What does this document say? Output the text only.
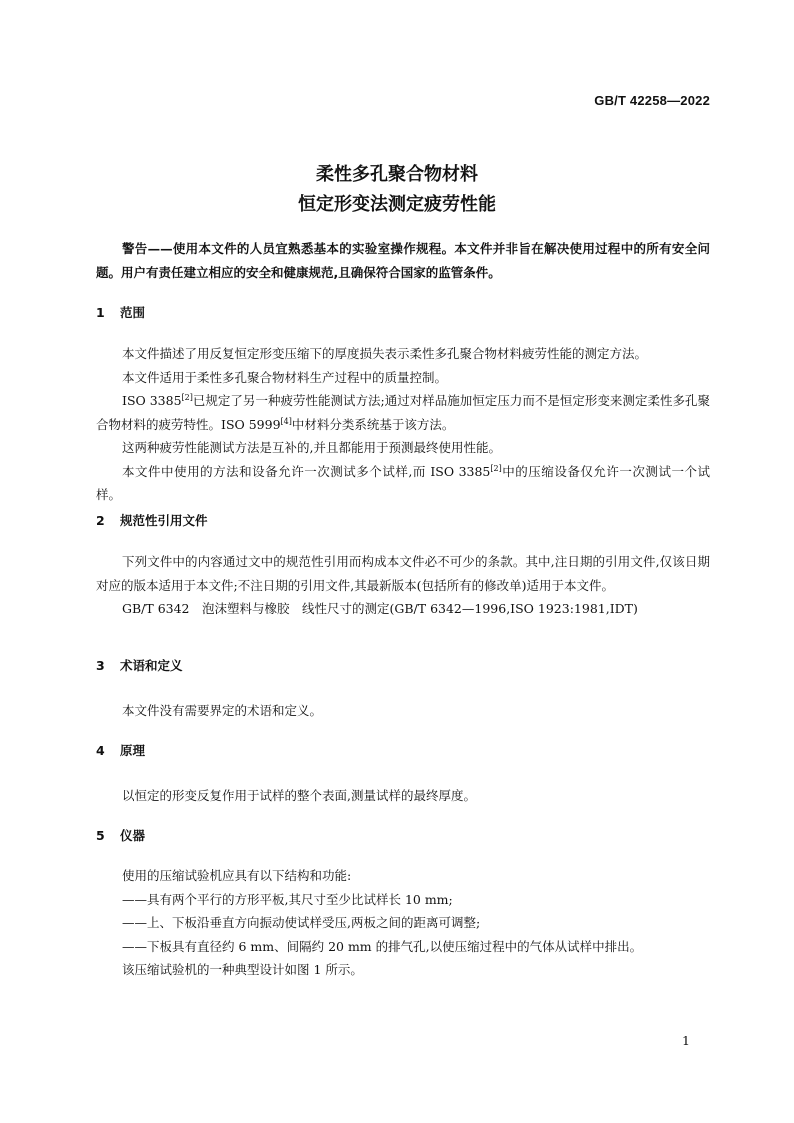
GB/T 42258—2022
柔性多孔聚合物材料
恒定形变法测定疲劳性能
警告——使用本文件的人员宜熟悉基本的实验室操作规程。本文件并非旨在解决使用过程中的所有安全问题。用户有责任建立相应的安全和健康规范,且确保符合国家的监管条件。
1 范围

本文件描述了用反复恒定形变压缩下的厚度损失表示柔性多孔聚合物材料疲劳性能的测定方法。

本文件适用于柔性多孔聚合物材料生产过程中的质量控制。

ISO 3385[2]已规定了另一种疲劳性能测试方法;通过对样品施加恒定压力而不是恒定形变来测定柔性多孔聚合物材料的疲劳特性。ISO 5999[4]中材料分类系统基于该方法。

这两种疲劳性能测试方法是互补的,并且都能用于预测最终使用性能。

本文件中使用的方法和设备允许一次测试多个试样,而 ISO 3385[2]中的压缩设备仅允许一次测试一个试样。

2 规范性引用文件

下列文件中的内容通过文中的规范性引用而构成本文件必不可少的条款。其中,注日期的引用文件,仅该日期对应的版本适用于本文件;不注日期的引用文件,其最新版本(包括所有的修改单)适用于本文件。

GB/T 6342　泡沫塑料与橡胶　线性尺寸的测定(GB/T 6342—1996,ISO 1923:1981,IDT)

3 术语和定义

本文件没有需要界定的术语和定义。

4 原理

以恒定的形变反复作用于试样的整个表面,测量试样的最终厚度。

5 仪器

使用的压缩试验机应具有以下结构和功能:

——具有两个平行的方形平板,其尺寸至少比试样长 10 mm;

——上、下板沿垂直方向振动使试样受压,两板之间的距离可调整;

——下板具有直径约 6 mm、间隔约 20 mm 的排气孔,以使压缩过程中的气体从试样中排出。

该压缩试验机的一种典型设计如图 1 所示。

1
